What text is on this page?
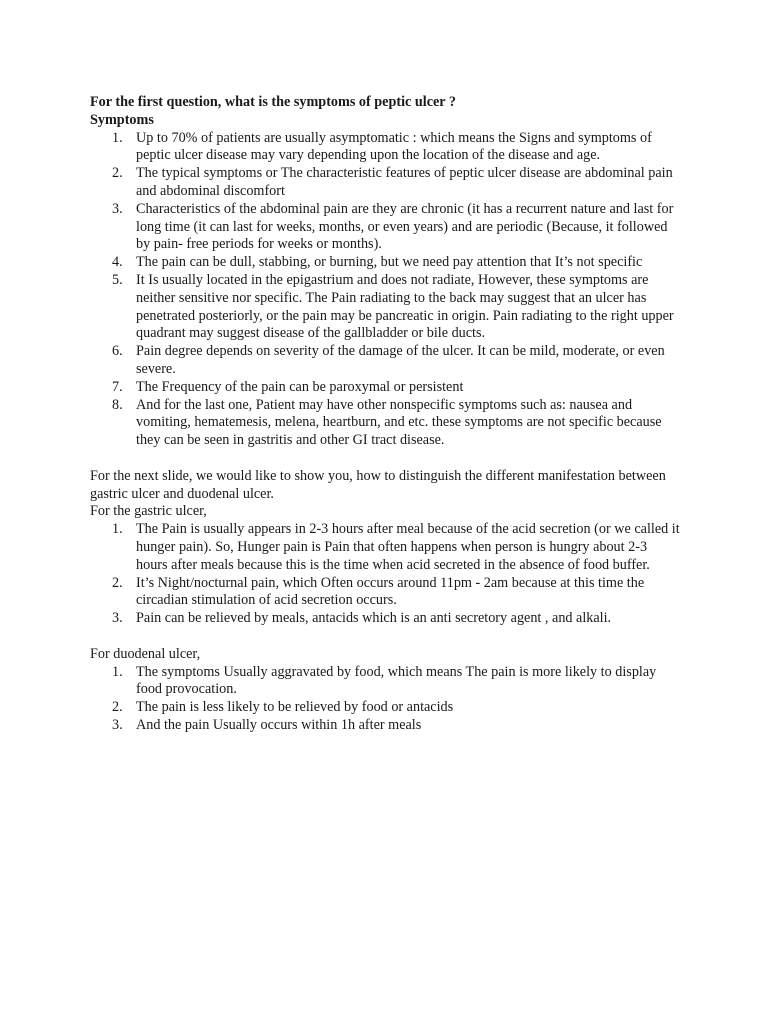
For the first question, what is the symptoms of peptic ulcer ?

Symptoms

1. Up to 70% of patients are usually asymptomatic : which means the Signs and symptoms of peptic ulcer disease may vary depending upon the location of the disease and age.
2. The typical symptoms or The characteristic features of peptic ulcer disease are abdominal pain and abdominal discomfort
3. Characteristics of the abdominal pain are they are chronic (it has a recurrent nature and last for long time (it can last for weeks, months, or even years) and are periodic (Because, it followed by pain- free periods for weeks or months).
4. The pain can be dull, stabbing, or burning, but we need pay attention that It’s not specific
5. It Is usually located in the epigastrium and does not radiate, However, these symptoms are neither sensitive nor specific. The Pain radiating to the back may suggest that an ulcer has penetrated posteriorly, or the pain may be pancreatic in origin. Pain radiating to the right upper quadrant may suggest disease of the gallbladder or bile ducts.
6. Pain degree depends on severity of the damage of the ulcer. It can be mild, moderate, or even severe.
7. The Frequency of the pain can be paroxymal or persistent
8. And for the last one, Patient may have other nonspecific symptoms such as: nausea and vomiting, hematemesis, melena, heartburn, and etc. these symptoms are not specific because they can be seen in gastritis and other GI tract disease.

For the next slide, we would like to show you, how to distinguish the different manifestation between gastric ulcer and duodenal ulcer.

For the gastric ulcer,

1. The Pain is usually appears in 2-3 hours after meal because of the acid secretion (or we called it hunger pain). So, Hunger pain is Pain that often happens when person is hungry about 2-3 hours after meals because this is the time when acid secreted in the absence of food buffer.
2. It’s Night/nocturnal pain, which Often occurs around 11pm - 2am because at this time the circadian stimulation of acid secretion occurs.
3. Pain can be relieved by meals, antacids which is an anti secretory agent , and alkali.

For duodenal ulcer,

1. The symptoms Usually aggravated by food, which means The pain is more likely to display food provocation.
2. The pain is less likely to be relieved by food or antacids
3. And the pain Usually occurs within 1h after meals
